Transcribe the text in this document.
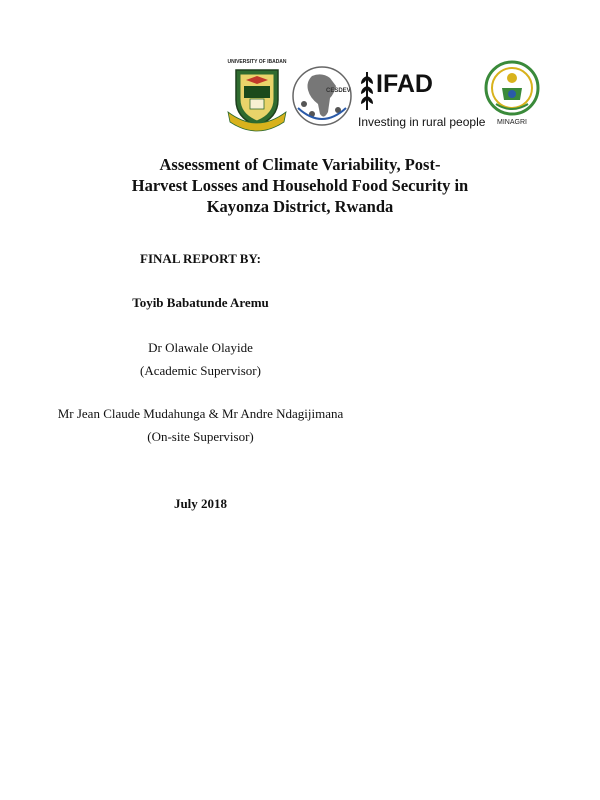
UNIVERSITY OF IBADAN
CESDEV IFAD
Investing in rural people	MINAGRI
Assessment of Climate Variability, Post-
Harvest Losses and Household Food Security in
Kayonza District, Rwanda
FINAL REPORT BY:
Toyib Babatunde Aremu
Dr Olawale Olayide
(Academic Supervisor)
Mr Jean Claude Mudahunga & Mr Andre Ndagijimana
(On-site Supervisor)
July 2018
